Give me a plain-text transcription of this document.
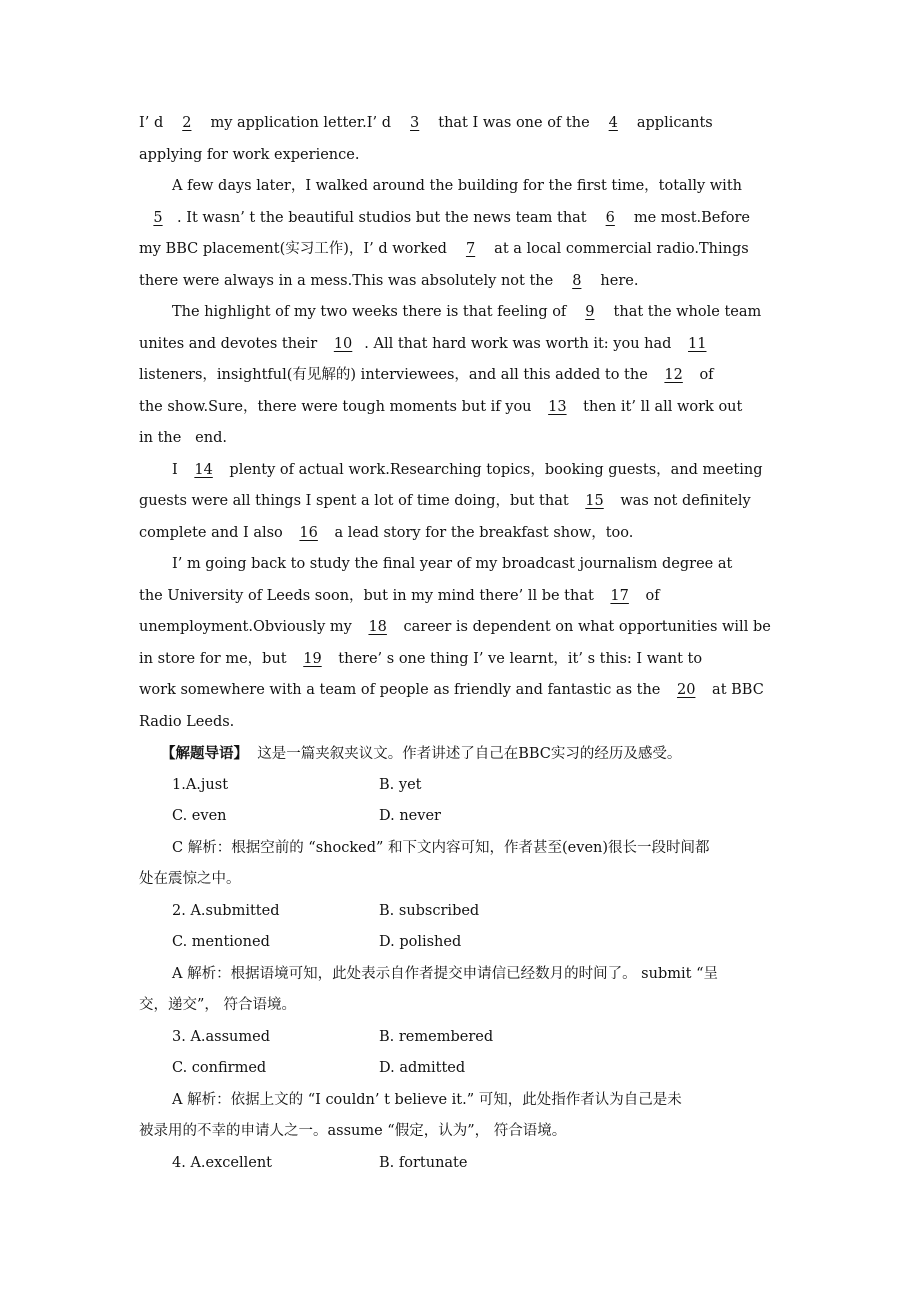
I’ d 2 my application letter.I’ d 3 that I was one of the 4 applicants
applying for work experience.
A few days later，I walked around the building for the first time，totally with
5 . It wasn’ t the beautiful studios but the news team that 6 me most.Before
my BBC placement(实习工作)，I’ d worked 7 at a local commercial radio.Things
there were always in a mess.This was absolutely not the 8 here.
The highlight of my two weeks there is that feeling of 9 that the whole team
unites and devotes their 10 . All that hard work was worth it: you had 11
listeners，insightful(有见解的) interviewees，and all this added to the 12 of
the show.Sure，there were tough moments but if you 13 then it’ ll all work out
in the   end.
I 14 plenty of actual work.Researching topics，booking guests，and meeting
guests were all things I spent a lot of time doing，but that 15 was not definitely
complete and I also 16 a lead story for the breakfast show，too.
I’ m going back to study the final year of my broadcast journalism degree at
the University of Leeds soon，but in my mind there’ ll be that 17 of
unemployment.Obviously my 18 career is dependent on what opportunities will be
in store for me，but 19 there’ s one thing I’ ve learnt，it’ s this: I want to
work somewhere with a team of people as friendly and fantastic as the 20 at BBC
Radio Leeds.
【解题导语】  这是一篇夹叙夹议文。作者讲述了自己在BBC实习的经历及感受。
1.A.just	B. yet
C. even	D. never
C 解析：根据空前的 “shocked” 和下文内容可知，作者甚至(even)很长一段时间都
处在震惊之中。
2. A.submitted	B. subscribed
C. mentioned	D. polished
A 解析：根据语境可知，此处表示自作者提交申请信已经数月的时间了。 submit “呈
交，递交”， 符合语境。
3. A.assumed	B. remembered
C. confirmed	D. admitted
A 解析：依据上文的 “I couldn’ t believe it.” 可知，此处指作者认为自己是未
被录用的不幸的申请人之一。assume “假定，认为”， 符合语境。
4. A.excellent	B. fortunate
